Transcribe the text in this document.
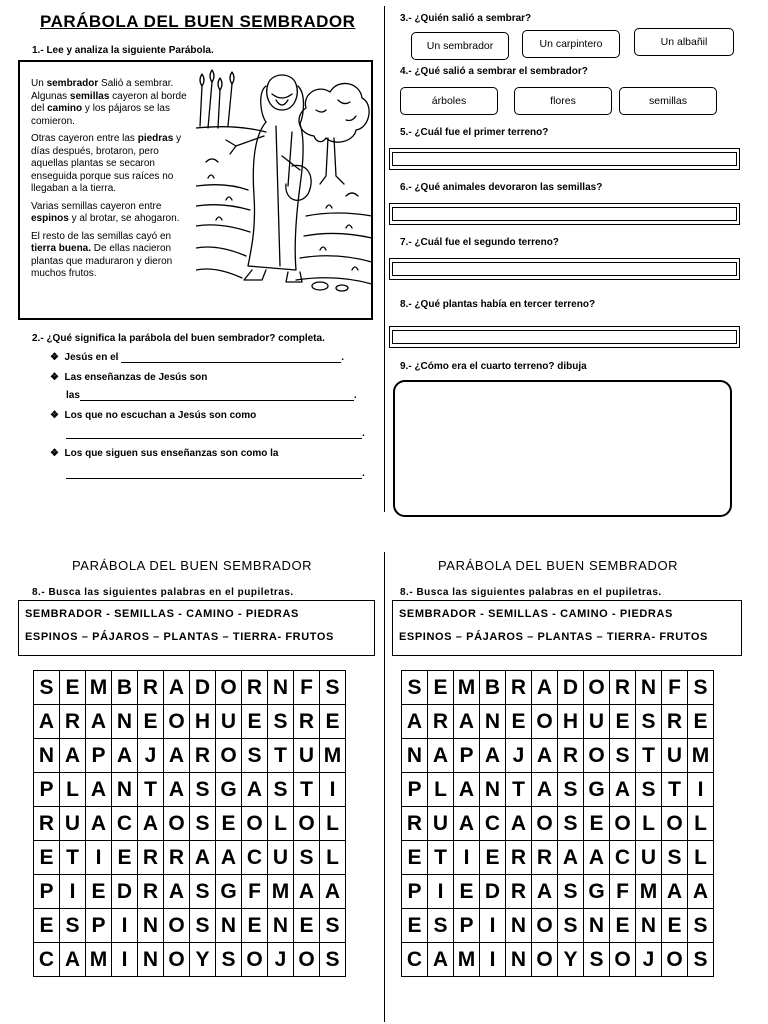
PARÁBOLA DEL BUEN SEMBRADOR
1.- Lee y analiza la siguiente Parábola.

Un sembrador Salió a sembrar. Algunas semillas cayeron al borde del camino y los pájaros se las comieron.

Otras cayeron entre las piedras y días después, brotaron, pero aquellas plantas se secaron enseguida porque sus raíces no llegaban a la tierra.

Varias semillas cayeron entre espinos y al brotar, se ahogaron.

El resto de las semillas cayó en tierra buena. De ellas nacieron plantas que maduraron y dieron muchos frutos.

2.- ¿Qué significa la parábola del buen sembrador? completa.
❖ Jesús en el	.
❖ Las enseñanzas de Jesús son
las	.
❖ Los que no escuchan a Jesús son como
.
❖ Los que siguen sus enseñanzas son como la
.
3.- ¿Quién salió a sembrar?
Un sembrador	Un carpintero	Un albañil
4.- ¿Qué salió a sembrar el sembrador?
árboles	flores	semillas
5.- ¿Cuál fue el primer terreno?
6.- ¿Qué animales devoraron las semillas?
7.- ¿Cuál fue el segundo terreno?
8.- ¿Qué plantas había en tercer terreno?
9.- ¿Cómo era el cuarto terreno? dibuja
PARÁBOLA DEL BUEN SEMBRADOR
8.- Busca las siguientes palabras en el pupiletras.
SEMBRADOR - SEMILLAS - CAMINO - PIEDRAS
ESPINOS – PÁJAROS – PLANTAS – TIERRA- FRUTOS
S	E	M	B	R	A	D	O	R	N	F	S
A	R	A	N	E	O	H	U	E	S	R	E
N	A	P	A	J	A	R	O	S	T	U	M
P	L	A	N	T	A	S	G	A	S	T	I
R	U	A	C	A	O	S	E	O	L	O	L
E	T	I	E	R	R	A	A	C	U	S	L
P	I	E	D	R	A	S	G	F	M	A	A
E	S	P	I	N	O	S	N	E	N	E	S
C	A	M	I	N	O	Y	S	O	J	O	S
PARÁBOLA DEL BUEN SEMBRADOR
8.- Busca las siguientes palabras en el pupiletras.
SEMBRADOR - SEMILLAS - CAMINO - PIEDRAS
ESPINOS – PÁJAROS – PLANTAS – TIERRA- FRUTOS
S	E	M	B	R	A	D	O	R	N	F	S
A	R	A	N	E	O	H	U	E	S	R	E
N	A	P	A	J	A	R	O	S	T	U	M
P	L	A	N	T	A	S	G	A	S	T	I
R	U	A	C	A	O	S	E	O	L	O	L
E	T	I	E	R	R	A	A	C	U	S	L
P	I	E	D	R	A	S	G	F	M	A	A
E	S	P	I	N	O	S	N	E	N	E	S
C	A	M	I	N	O	Y	S	O	J	O	S
